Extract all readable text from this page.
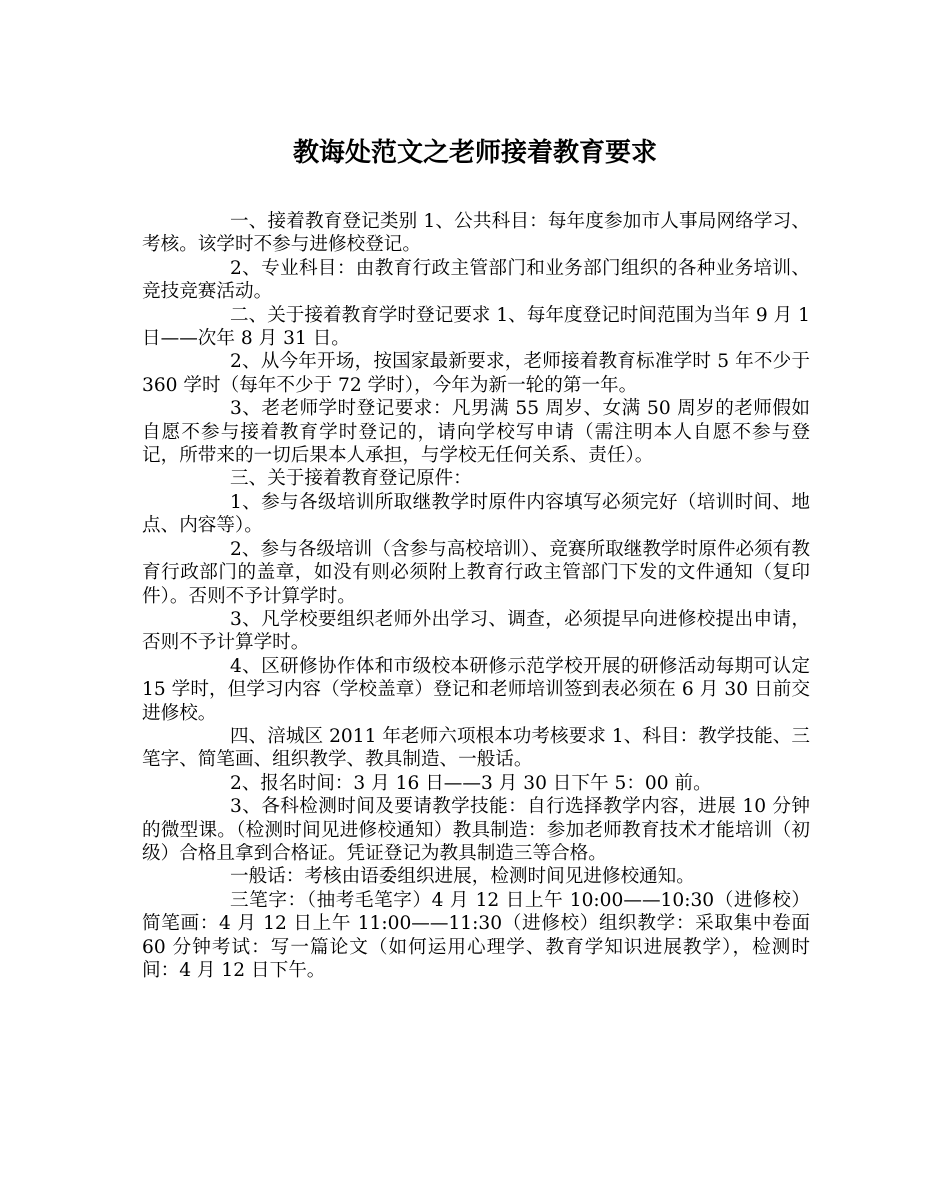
教诲处范文之老师接着教育要求

一、接着教育登记类别 1、公共科目：每年度参加市人事局网络学习、考核。该学时不参与进修校登记。

2、专业科目：由教育行政主管部门和业务部门组织的各种业务培训、竞技竞赛活动。

二、关于接着教育学时登记要求 1、每年度登记时间范围为当年 9 月 1 日——次年 8 月 31 日。

2、从今年开场，按国家最新要求，老师接着教育标准学时 5 年不少于 360 学时（每年不少于 72 学时），今年为新一轮的第一年。

3、老老师学时登记要求：凡男满 55 周岁、女满 50 周岁的老师假如自愿不参与接着教育学时登记的，请向学校写申请（需注明本人自愿不参与登记，所带来的一切后果本人承担，与学校无任何关系、责任）。

三、关于接着教育登记原件：

1、参与各级培训所取继教学时原件内容填写必须完好（培训时间、地点、内容等）。

2、参与各级培训（含参与高校培训）、竞赛所取继教学时原件必须有教育行政部门的盖章，如没有则必须附上教育行政主管部门下发的文件通知（复印件）。否则不予计算学时。

3、凡学校要组织老师外出学习、调查，必须提早向进修校提出申请，否则不予计算学时。

4、区研修协作体和市级校本研修示范学校开展的研修活动每期可认定 15 学时，但学习内容（学校盖章）登记和老师培训签到表必须在 6 月 30 日前交进修校。

四、涪城区 2011 年老师六项根本功考核要求 1、科目：教学技能、三笔字、简笔画、组织教学、教具制造、一般话。

2、报名时间：3 月 16 日——3 月 30 日下午 5：00 前。

3、各科检测时间及要请教学技能：自行选择教学内容，进展 10 分钟的微型课。（检测时间见进修校通知）教具制造：参加老师教育技术才能培训（初级）合格且拿到合格证。凭证登记为教具制造三等合格。

一般话：考核由语委组织进展，检测时间见进修校通知。

三笔字：（抽考毛笔字）4 月 12 日上午 10:00——10:30（进修校）简笔画：4 月 12 日上午 11:00——11:30（进修校）组织教学：采取集中卷面 60 分钟考试：写一篇论文（如何运用心理学、教育学知识进展教学），检测时间：4 月 12 日下午。
